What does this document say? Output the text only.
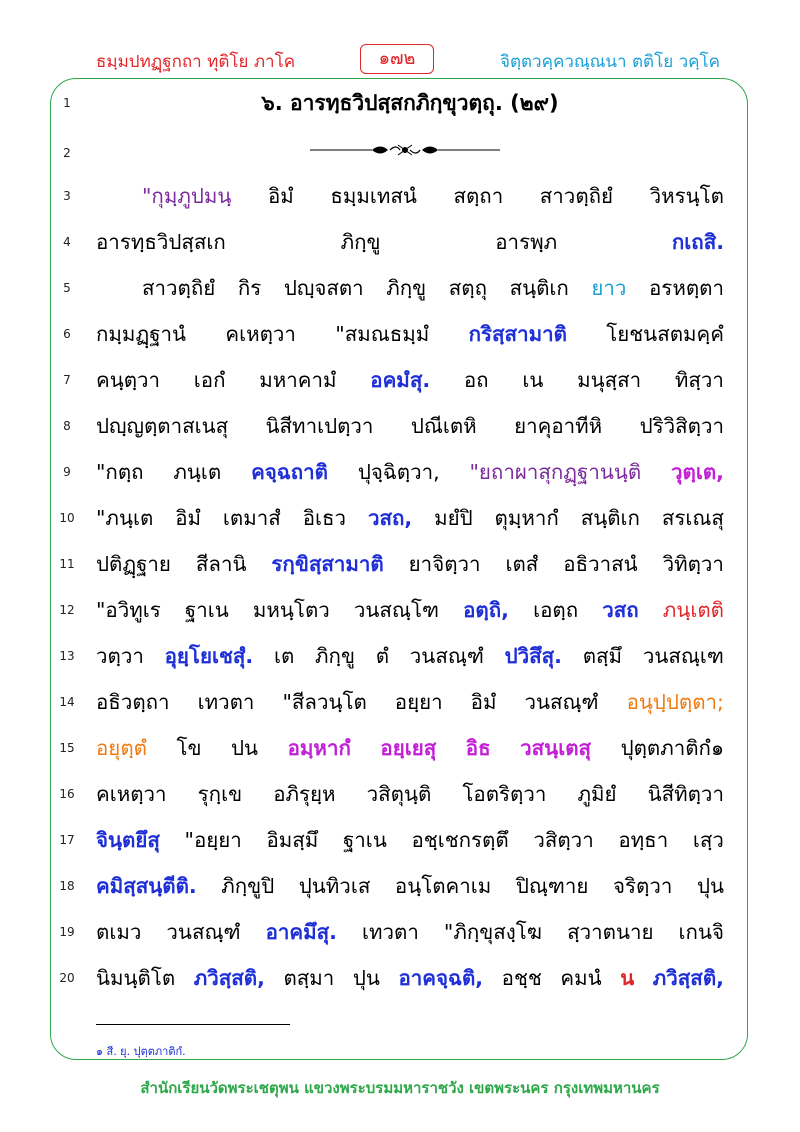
ธมฺมปทฏฺฐกถา ทุติโย ภาโค	๑๗๒	จิตฺตวคฺควณฺณนา ตติโย วคฺโค
1	๖. อารทฺธวิปสฺสกภิกฺขุวตฺถุ. (๒๙)
2
3	"กุมฺภูปมนฺ อิมํ ธมฺมเทสนํ สตฺถา สาวตฺถิยํ วิหรนฺโต
4	อารทฺธวิปสฺสเก	ภิกฺขู	อารพฺภ	กเถสิ.
5	สาวตฺถิยํ กิร ปญฺจสตา ภิกฺขู สตฺถุ สนฺติเก ยาว อรหตฺตา
6	กมฺมฏฺฐานํ คเหตฺวา "สมณธมฺมํ กริสฺสามาติ โยชนสตมคฺคํ
7	คนฺตฺวา เอกํ มหาคามํ อคมํสุ. อถ เน มนุสฺสา ทิสฺวา
8	ปญฺญตฺตาสเนสุ นิสีทาเปตฺวา ปณีเตหิ ยาคุอาทีหิ ปริวิสิตฺวา
9	"กตฺถ ภนฺเต คจฺฉถาติ ปุจฺฉิตฺวา, "ยถาผาสุกฏฺฐานนฺติ วุตฺเต,
10	"ภนฺเต อิมํ เตมาสํ อิเธว วสถ, มยํปิ ตุมฺหากํ สนฺติเก สรเณสุ
11	ปติฏฺฐาย สีลานิ รกฺขิสฺสามาติ ยาจิตฺวา เตสํ อธิวาสนํ วิทิตฺวา
12	"อวิทูเร ฐาเน มหนฺโตว วนสณฺโฑ อตฺถิ, เอตฺถ วสถ ภนฺเตติ
13	วตฺวา อุยฺโยเชสุํ. เต ภิกฺขู ตํ วนสณฺฑํ ปวิสึสุ. ตสฺมึ วนสณฺเฑ
14	อธิวตฺถา เทวตา "สีลวนฺโต อยฺยา อิมํ วนสณฺฑํ อนุปฺปตฺตา;
15	อยุตฺตํ โข ปน อมฺหากํ อยฺเยสุ อิธ วสนฺเตสุ ปุตฺตภาติกํ๑
16	คเหตฺวา รุกฺเข อภิรุยฺห วสิตุนฺติ โอตริตฺวา ภูมิยํ นิสีทิตฺวา
17	จินฺตยึสุ "อยฺยา อิมสฺมึ ฐาเน อชฺเชกรตฺตึ วสิตฺวา อทฺธา เสฺว
18	คมิสฺสนฺตีติ. ภิกฺขูปิ ปุนทิวเส อนฺโตคาเม ปิณฺฑาย จริตฺวา ปุน
19	ตเมว วนสณฺฑํ อาคมึสุ. เทวตา "ภิกฺขุสงฺโฆ สฺวาตนาย เกนจิ
20	นิมนฺติโต ภวิสฺสติ, ตสฺมา ปุน อาคจฺฉติ, อชฺช คมนํ น ภวิสฺสติ,
๑ สี. ยุ. ปุตฺตภาติกํ.
สำนักเรียนวัดพระเชตุพน แขวงพระบรมมหาราชวัง เขตพระนคร กรุงเทพมหานคร
